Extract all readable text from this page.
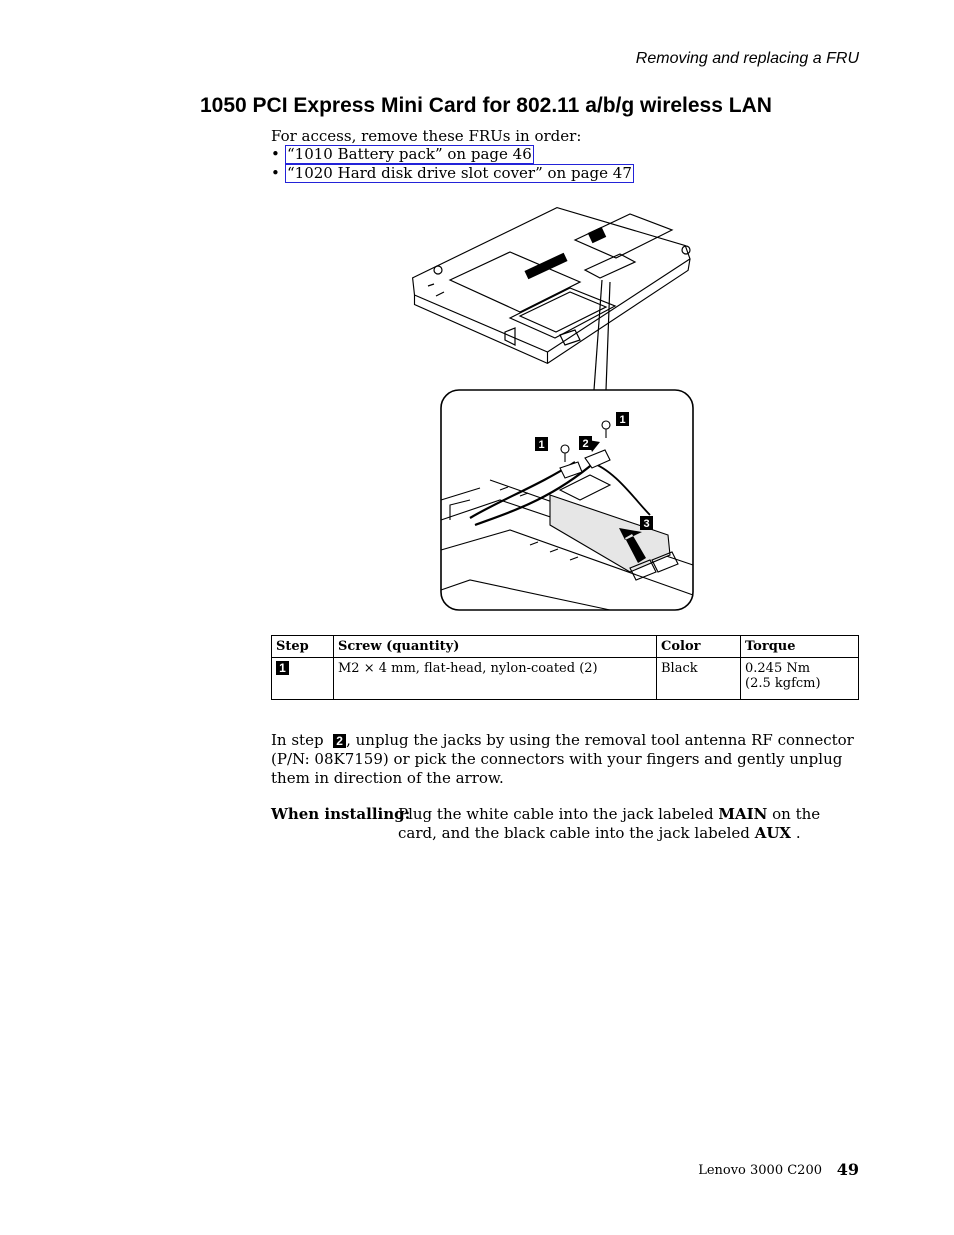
Removing and replacing a FRU
1050 PCI Express Mini Card for 802.11 a/b/g wireless LAN
For access, remove these FRUs in order:
• “1010 Battery pack” on page 46
• “1020 Hard disk drive slot cover” on page 47
1
1
2
3
Step	Screw (quantity)	Color	Torque
1	M2 × 4 mm, flat-head, nylon-coated (2)	Black	0.245 Nm
(2.5 kgfcm)

In step 2 , unplug the jacks by using the removal tool antenna RF connector (P/N: 08K7159) or pick the connectors with your fingers and gently unplug them in direction of the arrow.

When installing:

Plug the white cable into the jack labeled MAIN on the card, and the black cable into the jack labeled AUX .

Lenovo 3000 C200 49
